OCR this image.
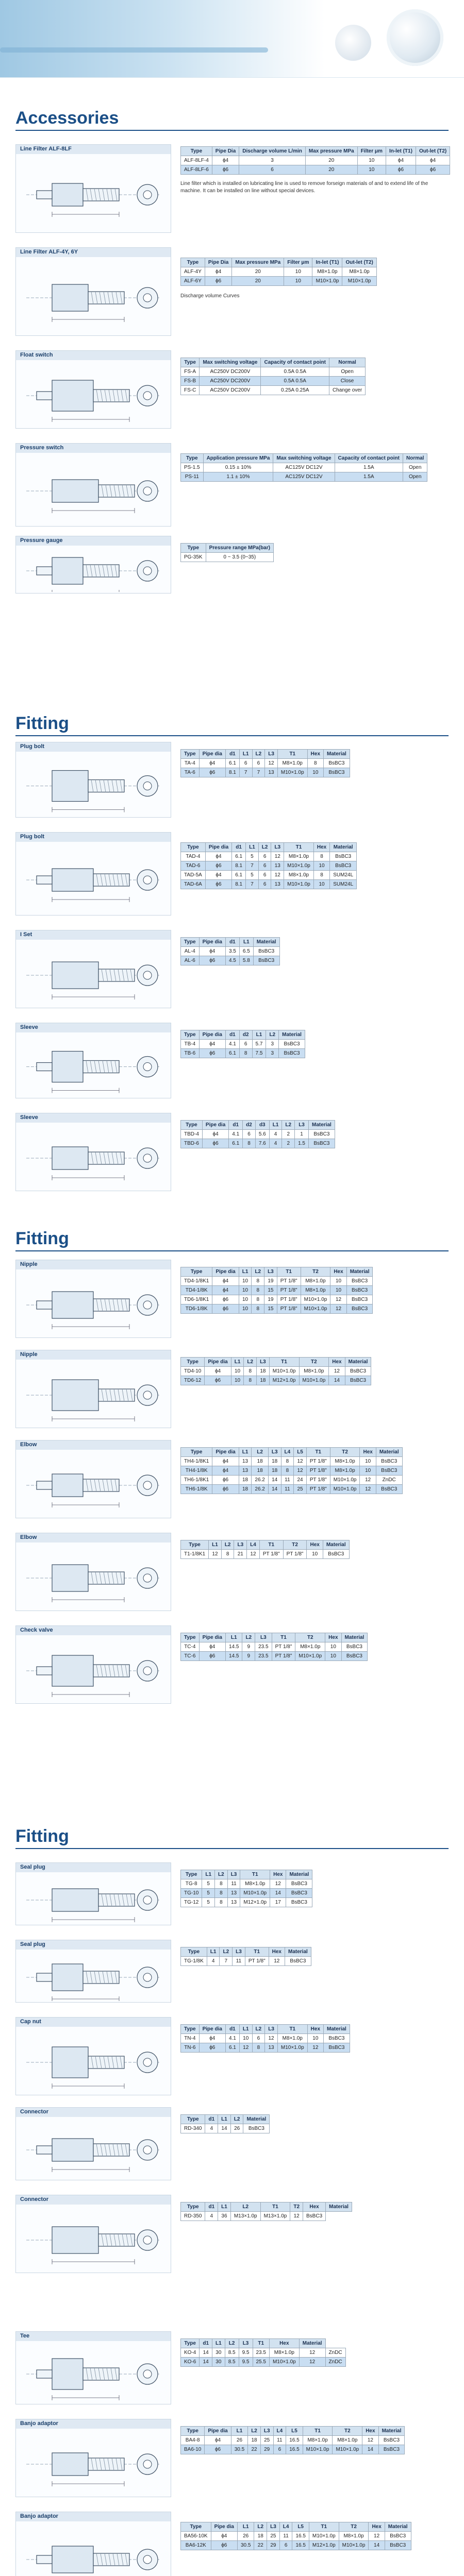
Accessories
Fitting
Fitting
Fitting
Line Filter ALF-8LF	Type	Pipe Dia	Discharge volume L/min	Max pressure MPa	Filter μm	In-let (T1)	Out-let (T2)
ALF-8LF-4	ϕ4	3	20	10	ϕ4	ϕ4
ALF-8LF-6	ϕ6	6	20	10	ϕ6	ϕ6
Line filter which is installed on lubricating line is used to remove forseign materials of and to extend life of the machine. It can be installed on line without special devices.
Line Filter ALF-4Y, 6Y
Type	Pipe Dia	Max pressure MPa	Filter μm	In-let (T1)	Out-let (T2)
ALF-4Y	ϕ4	20	10	M8×1.0p	M8×1.0p
ALF-6Y	ϕ6	20	10	M10×1.0p	M10×1.0p
Discharge volume Curves
Float switch
Type	Max switching voltage	Capacity of contact point	Normal
FS-A	AC250V DC200V	0.5A 0.5A	Open
FS-B	AC250V DC200V	0.5A 0.5A	Close
FS-C	AC250V DC200V	0.25A 0.25A	Change over
Pressure switch
Type	Application pressure MPa	Max switching voltage	Capacity of contact point	Normal
PS-1.5	0.15 ± 10%	AC125V DC12V	1.5A	Open
PS-11	1.1 ± 10%	AC125V DC12V	1.5A	Open
Pressure gauge
Type	Pressure range MPa(bar)
PG-35K	0 ~ 3.5 (0~35)
Plug bolt
Type	Pipe dia	d1	L1	L2	L3	T1	Hex	Material
TA-4	ϕ4	6.1	6	6	12	M8×1.0p	8	BsBC3
TA-6	ϕ6	8.1	7	7	13	M10×1.0p	10	BsBC3
Plug bolt
Type	Pipe dia	d1	L1	L2	L3	T1	Hex	Material
TAD-4	ϕ4	6.1	5	6	12	M8×1.0p	8	BsBC3
TAD-6	ϕ6	8.1	7	6	13	M10×1.0p	10	BsBC3
TAD-5A	ϕ4	6.1	5	6	12	M8×1.0p	8	SUM24L
TAD-6A	ϕ6	8.1	7	6	13	M10×1.0p	10	SUM24L
I Set
Type	Pipe dia	d1	L1	Material
AL-4	ϕ4	3.5	6.5	BsBC3
AL-6	ϕ6	4.5	5.8	BsBC3
Sleeve
Type	Pipe dia	d1	d2	L1	L2	Material
TB-4	ϕ4	4.1	6	5.7	3	BsBC3
TB-6	ϕ6	6.1	8	7.5	3	BsBC3
Sleeve
Type	Pipe dia	d1	d2	d3	L1	L2	L3	Material
TBD-4	ϕ4	4.1	6	5.6	4	2	1	BsBC3
TBD-6	ϕ6	6.1	8	7.6	4	2	1.5	BsBC3
Nipple
Type	Pipe dia	L1	L2	L3	T1	T2	Hex	Material
TD4-1/8K1	ϕ4	10	8	19	PT 1/8"	M8×1.0p	10	BsBC3
TD4-1/8K	ϕ4	10	8	15	PT 1/8"	M8×1.0p	10	BsBC3
TD6-1/8K1	ϕ6	10	8	19	PT 1/8"	M10×1.0p	12	BsBC3
TD6-1/8K	ϕ6	10	8	15	PT 1/8"	M10×1.0p	12	BsBC3
Nipple
Type	Pipe dia	L1	L2	L3	T1	T2	Hex	Material
TD4-10	ϕ4	10	8	18	M10×1.0p	M8×1.0p	12	BsBC3
TD6-12	ϕ6	10	8	18	M12×1.0p	M10×1.0p	14	BsBC3
Elbow
Type	Pipe dia	L1	L2	L3	L4	L5	T1	T2	Hex	Material
TH4-1/8K1	ϕ4	13	18	18	8	12	PT 1/8"	M8×1.0p	10	BsBC3
TH4-1/8K	ϕ4	13	18	18	8	12	PT 1/8"	M8×1.0p	10	BsBC3
TH6-1/8K1	ϕ6	18	26.2	14	11	24	PT 1/8"	M10×1.0p	12	ZnDC
TH6-1/8K	ϕ6	18	26.2	14	11	25	PT 1/8"	M10×1.0p	12	BsBC3
Elbow
Type	L1	L2	L3	L4	T1	T2	Hex	Material
T1-1/8K1	12	8	21	12	PT 1/8"	PT 1/8"	10	BsBC3
Check valve
Type	Pipe dia	L1	L2	L3	T1	T2	Hex	Material
TC-4	ϕ4	14.5	9	23.5	PT 1/8"	M8×1.0p	10	BsBC3
TC-6	ϕ6	14.5	9	23.5	PT 1/8"	M10×1.0p	10	BsBC3
Seal plug
Type	L1	L2	L3	T1	Hex	Material
TG-8	5	8	11	M8×1.0p	12	BsBC3
TG-10	5	8	13	M10×1.0p	14	BsBC3
TG-12	5	8	13	M12×1.0p	17	BsBC3
Seal plug
Type	L1	L2	L3	T1	Hex	Material
TG-1/8K	4	7	11	PT 1/8"	12	BsBC3
Cap nut
Type	Pipe dia	d1	L1	L2	L3	T1	Hex	Material
TN-4	ϕ4	4.1	10	6	12	M8×1.0p	10	BsBC3
TN-6	ϕ6	6.1	12	8	13	M10×1.0p	12	BsBC3
Connector
Type	d1	L1	L2	Material
RD-340	4	14	26	BsBC3
Connector
Type	d1	L1	L2	T1	T2	Hex	Material
RD-350	4	36	M13×1.0p	M13×1.0p	12	BsBC3	
Tee
Type	d1	L1	L2	L3	T1	Hex	Material	
KO-4	14	30	8.5	9.5	23.5	M8×1.0p	12	ZnDC
KO-6	14	30	8.5	9.5	25.5	M10×1.0p	12	ZnDC
Banjo adaptor
Type	Pipe dia	L1	L2	L3	L4	L5	T1	T2	Hex	Material
BA4-8	ϕ4	26	18	25	11	16.5	M8×1.0p	M8×1.0p	12	BsBC3
BA6-10	ϕ6	30.5	22	29	6	16.5	M10×1.0p	M10×1.0p	14	BsBC3
Banjo adaptor
Type	Pipe dia	L1	L2	L3	L4	L5	T1	T2	Hex	Material
BA56-10K	ϕ4	26	18	25	11	16.5	M10×1.0p	M8×1.0p	12	BsBC3
BA6-12K	ϕ6	30.5	22	29	6	16.5	M12×1.0p	M10×1.0p	14	BsBC3
